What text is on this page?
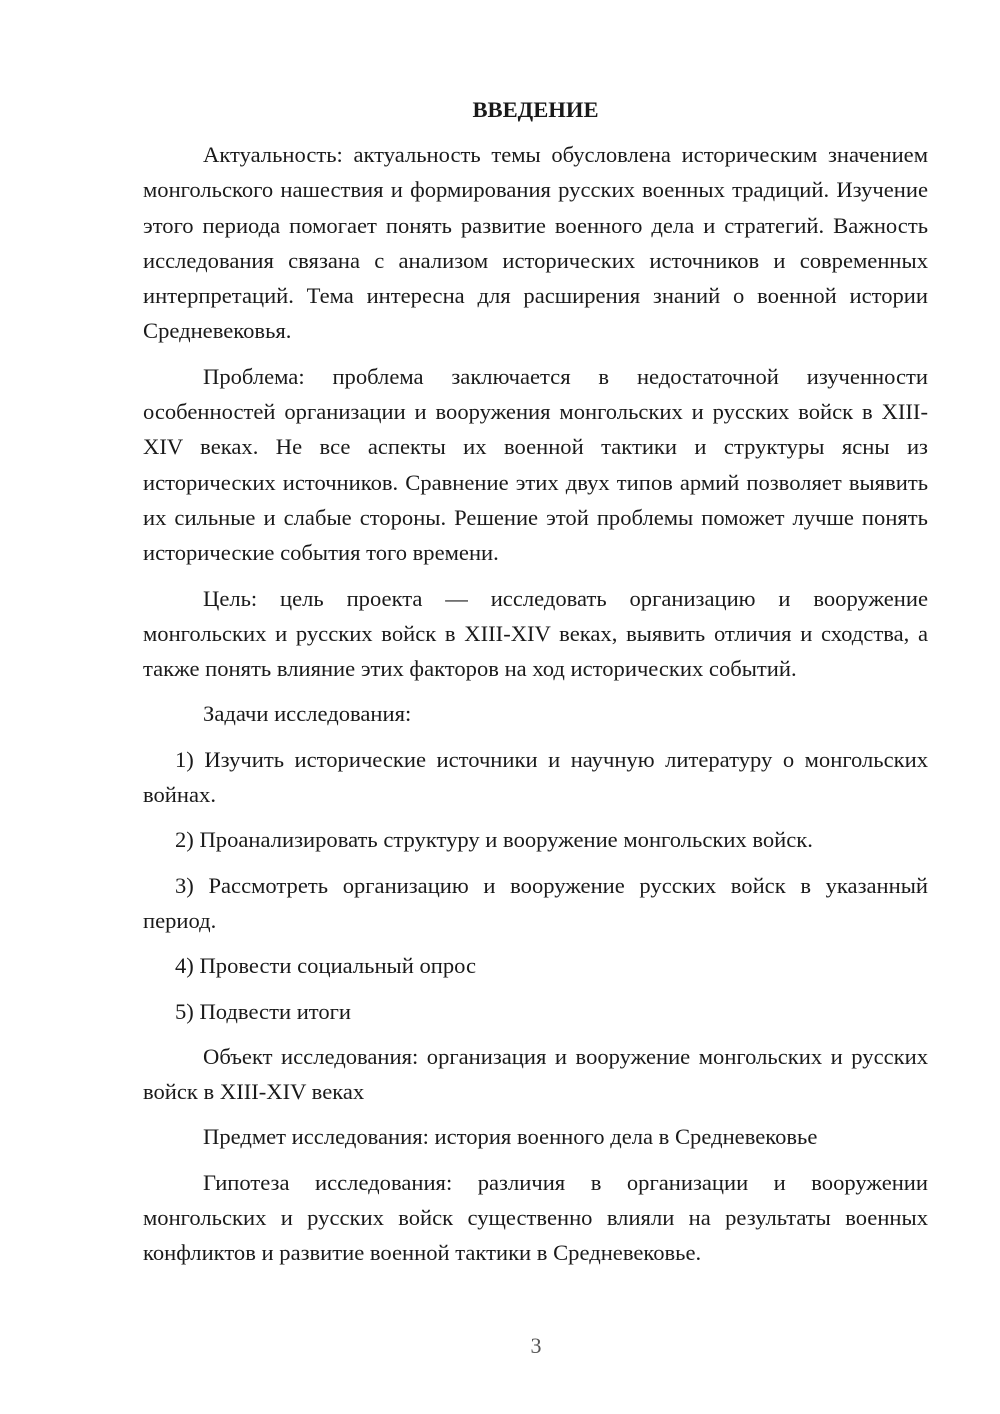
ВВЕДЕНИЕ

Актуальность: актуальность темы обусловлена историческим значением монгольского нашествия и формирования русских военных традиций. Изучение этого периода помогает понять развитие военного дела и стратегий. Важность исследования связана с анализом исторических источников и современных интерпретаций. Тема интересна для расширения знаний о военной истории Средневековья.

Проблема: проблема заключается в недостаточной изученности особенностей организации и вооружения монгольских и русских войск в XIII-XIV веках. Не все аспекты их военной тактики и структуры ясны из исторических источников. Сравнение этих двух типов армий позволяет выявить их сильные и слабые стороны. Решение этой проблемы поможет лучше понять исторические события того времени.

Цель: цель проекта — исследовать организацию и вооружение монгольских и русских войск в XIII-XIV веках, выявить отличия и сходства, а также понять влияние этих факторов на ход исторических событий.

Задачи исследования:

1) Изучить исторические источники и научную литературу о монгольских войнах.

2) Проанализировать структуру и вооружение монгольских войск.

3) Рассмотреть организацию и вооружение русских войск в указанный период.

4) Провести социальный опрос

5) Подвести итоги

Объект исследования: организация и вооружение монгольских и русских войск в XIII-XIV веках

Предмет исследования: история военного дела в Средневековье

Гипотеза исследования: различия в организации и вооружении монгольских и русских войск существенно влияли на результаты военных конфликтов и развитие военной тактики в Средневековье.

3
